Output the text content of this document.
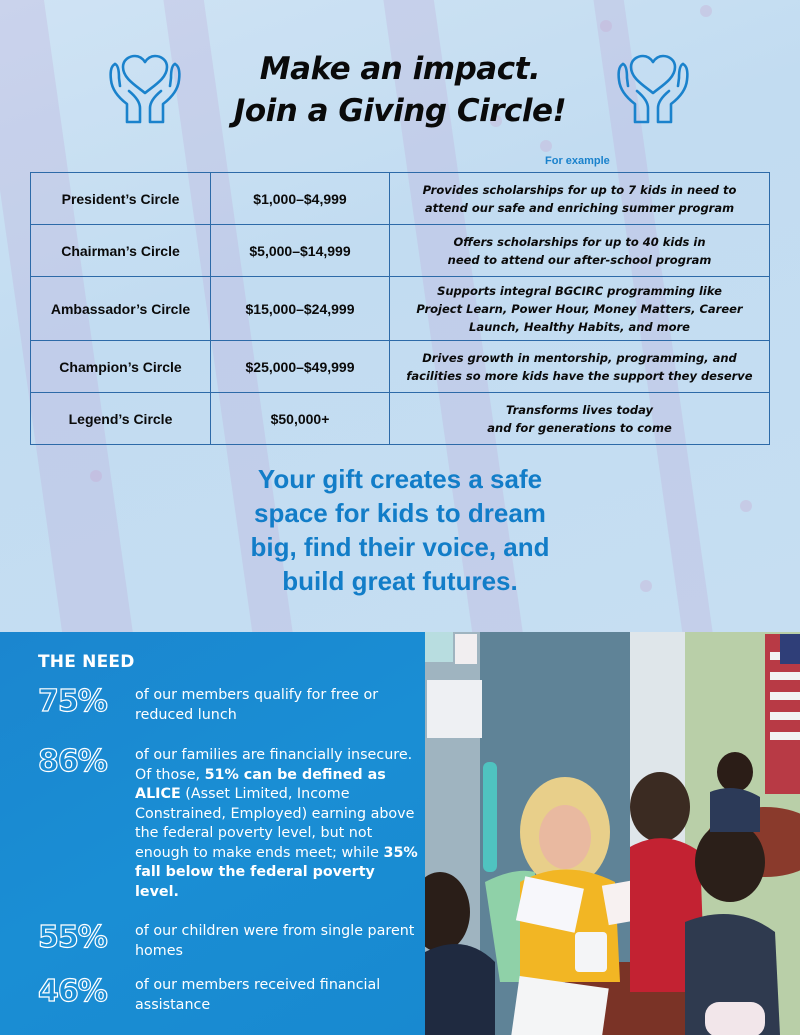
Make an impact.
Join a Giving Circle!
For example
President’s Circle	$1,000–$4,999	Provides scholarships for up to 7 kids in need to
attend our safe and enriching summer program

Chairman’s Circle	$5,000–$14,999	Offers scholarships for up to 40 kids in
need to attend our after-school program

Ambassador’s Circle	$15,000–$24,999	Supports integral BGCIRC programming like
Project Learn, Power Hour, Money Matters, Career
Launch, Healthy Habits, and more

Champion’s Circle	$25,000–$49,999	Drives growth in mentorship, programming, and
facilities so more kids have the support they deserve

Legend’s Circle	$50,000+	Transforms lives today
and for generations to come
Your gift creates a safe
space for kids to dream
big, find their voice, and
build great futures.
THE NEED
75% of our members qualify for free or reduced lunch
86% of our families are financially insecure. Of those, 51% can be defined as ALICE (Asset Limited, Income Constrained, Employed) earning above the federal poverty level, but not enough to make ends meet; while 35% fall below the federal poverty level.
55% of our children were from single parent homes
46% of our members received financial assistance
